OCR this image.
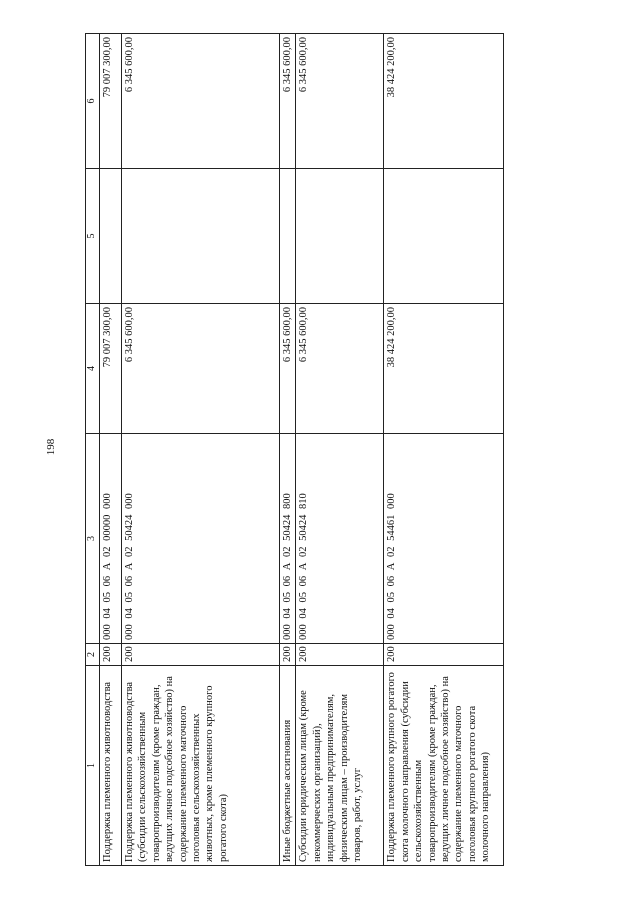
198
1	2	3	4	5	6
Поддержка племенного животноводства	200	000 04 05 06 А 02 00000 000	79 007 300,00		79 007 300,00
Поддержка племенного животноводства (субсидии сельскохозяйственным товаропроизводителям (кроме граждан, ведущих личное подсобное хозяйство) на содержание племенного маточного поголовья сельскохозяйственных животных, кроме племенного крупного рогатого скота)	200	000 04 05 06 А 02 50424 000	6 345 600,00		6 345 600,00
Иные бюджетные ассигнования	200	000 04 05 06 А 02 50424 800	6 345 600,00		6 345 600,00
Субсидии юридическим лицам (кроме некоммерческих организаций), индивидуальным предпринимателям, физическим лицам – производителям товаров, работ, услуг	200	000 04 05 06 А 02 50424 810	6 345 600,00		6 345 600,00
Поддержка племенного крупного рогатого скота молочного направления (субсидии сельскохозяйственным товаропроизводителям (кроме граждан, ведущих личное подсобное хозяйство) на содержание племенного маточного поголовья крупного рогатого скота молочного направления)	200	000 04 05 06 А 02 54461 000	38 424 200,00		38 424 200,00
